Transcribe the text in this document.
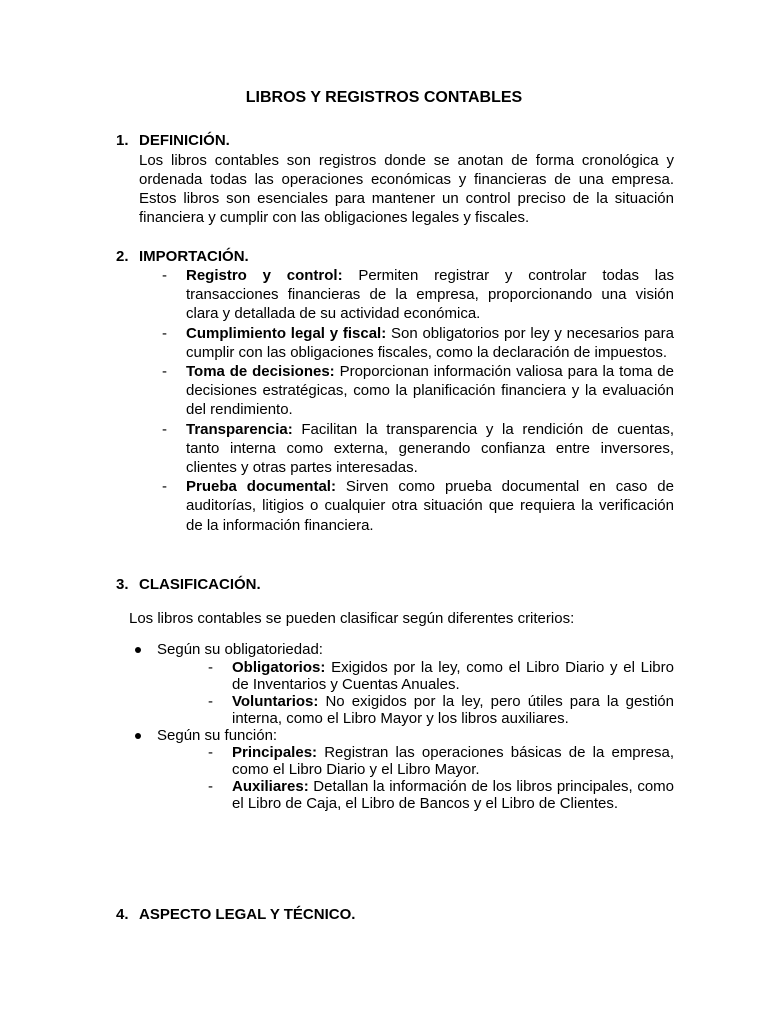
LIBROS Y REGISTROS CONTABLES
1. DEFINICIÓN.
Los libros contables son registros donde se anotan de forma cronológica y ordenada todas las operaciones económicas y financieras de una empresa. Estos libros son esenciales para mantener un control preciso de la situación financiera y cumplir con las obligaciones legales y fiscales.
2. IMPORTACIÓN.
- Registro y control: Permiten registrar y controlar todas las transacciones financieras de la empresa, proporcionando una visión clara y detallada de su actividad económica.
- Cumplimiento legal y fiscal: Son obligatorios por ley y necesarios para cumplir con las obligaciones fiscales, como la declaración de impuestos.
- Toma de decisiones: Proporcionan información valiosa para la toma de decisiones estratégicas, como la planificación financiera y la evaluación del rendimiento.
- Transparencia: Facilitan la transparencia y la rendición de cuentas, tanto interna como externa, generando confianza entre inversores, clientes y otras partes interesadas.
- Prueba documental: Sirven como prueba documental en caso de auditorías, litigios o cualquier otra situación que requiera la verificación de la información financiera.
3. CLASIFICACIÓN.
Los libros contables se pueden clasificar según diferentes criterios:
Según su obligatoriedad:
- Obligatorios: Exigidos por la ley, como el Libro Diario y el Libro de Inventarios y Cuentas Anuales.
- Voluntarios: No exigidos por la ley, pero útiles para la gestión interna, como el Libro Mayor y los libros auxiliares.
Según su función:
- Principales: Registran las operaciones básicas de la empresa, como el Libro Diario y el Libro Mayor.
- Auxiliares: Detallan la información de los libros principales, como el Libro de Caja, el Libro de Bancos y el Libro de Clientes.
4. ASPECTO LEGAL Y TÉCNICO.
